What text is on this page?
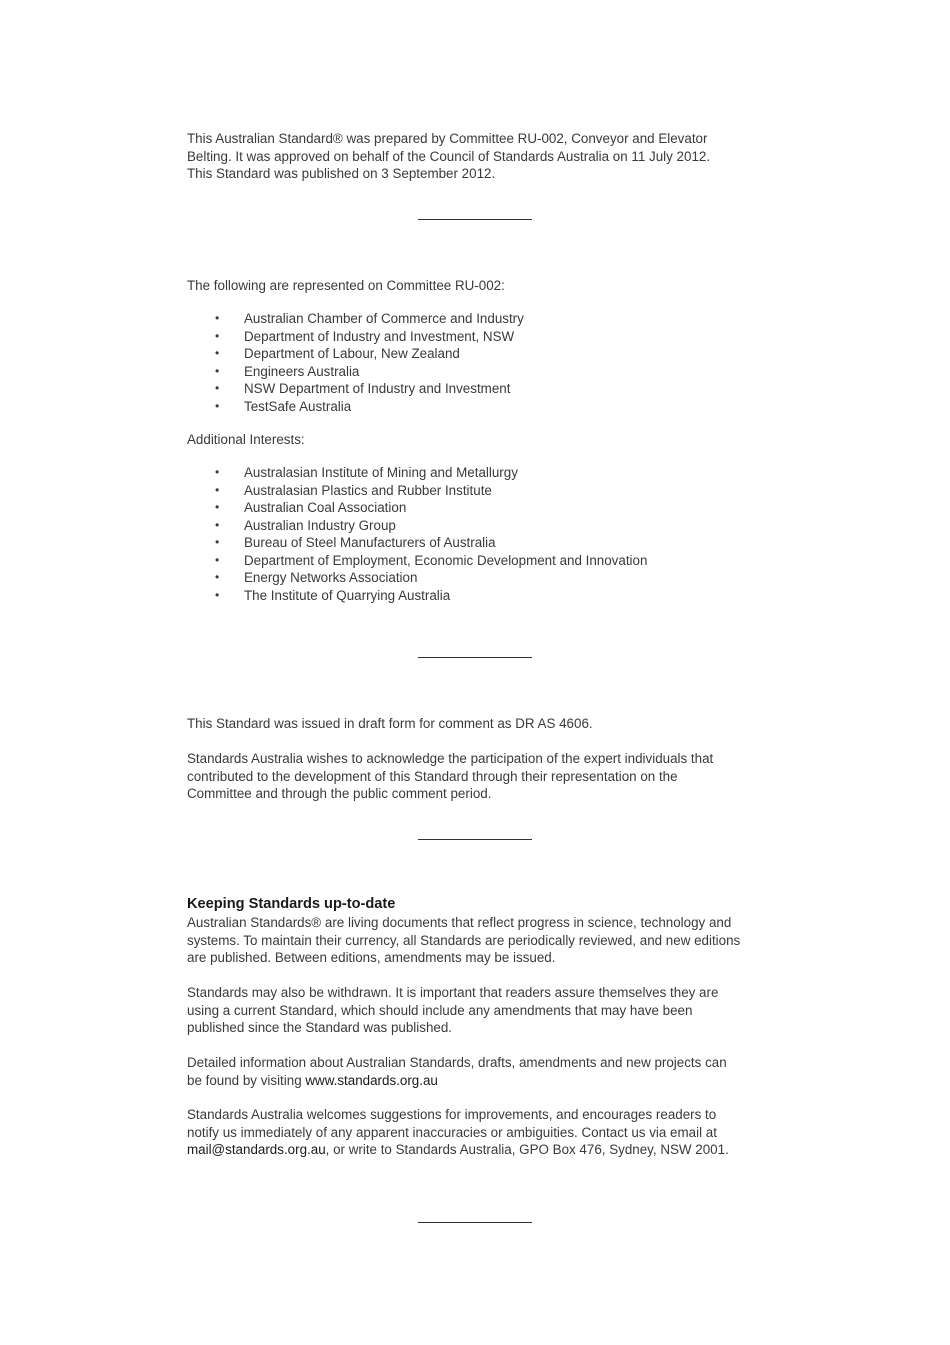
This Australian Standard® was prepared by Committee RU-002, Conveyor and Elevator
Belting. It was approved on behalf of the Council of Standards Australia on 11 July 2012.
This Standard was published on 3 September 2012.

The following are represented on Committee RU-002:

• Australian Chamber of Commerce and Industry
• Department of Industry and Investment, NSW
• Department of Labour, New Zealand
• Engineers Australia
• NSW Department of Industry and Investment
• TestSafe Australia

Additional Interests:

• Australasian Institute of Mining and Metallurgy
• Australasian Plastics and Rubber Institute
• Australian Coal Association
• Australian Industry Group
• Bureau of Steel Manufacturers of Australia
• Department of Employment, Economic Development and Innovation
• Energy Networks Association
• The Institute of Quarrying Australia

This Standard was issued in draft form for comment as DR AS 4606.

Standards Australia wishes to acknowledge the participation of the expert individuals that
contributed to the development of this Standard through their representation on the
Committee and through the public comment period.

Keeping Standards up-to-date

Australian Standards® are living documents that reflect progress in science, technology and
systems. To maintain their currency, all Standards are periodically reviewed, and new editions
are published. Between editions, amendments may be issued.

Standards may also be withdrawn. It is important that readers assure themselves they are
using a current Standard, which should include any amendments that may have been
published since the Standard was published.

Detailed information about Australian Standards, drafts, amendments and new projects can
be found by visiting www.standards.org.au

Standards Australia welcomes suggestions for improvements, and encourages readers to
notify us immediately of any apparent inaccuracies or ambiguities. Contact us via email at
mail@standards.org.au, or write to Standards Australia, GPO Box 476, Sydney, NSW 2001.
